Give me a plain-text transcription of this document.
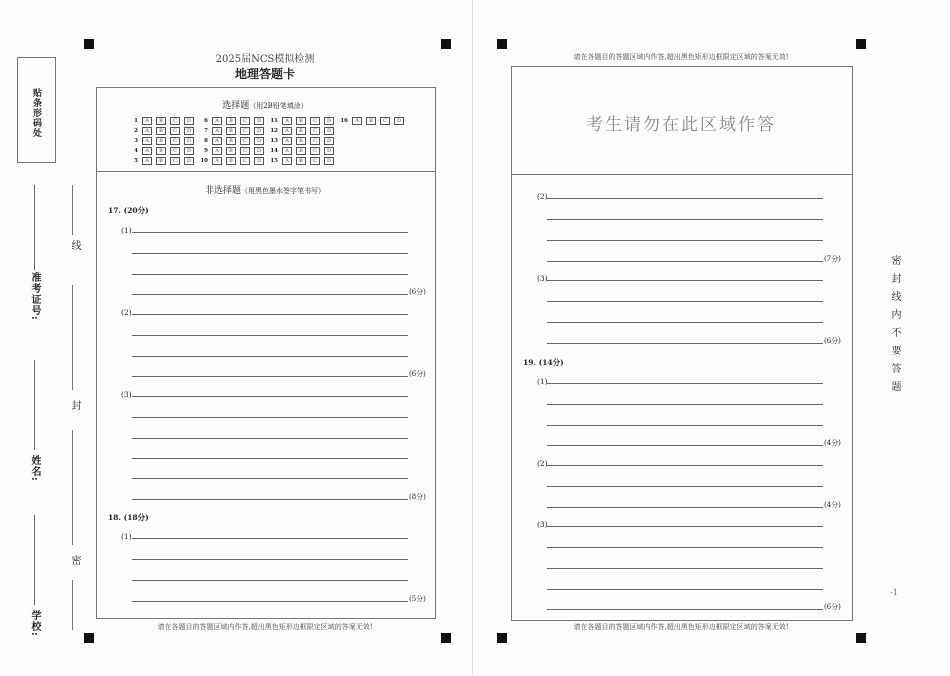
贴条形码处
准考证号:
姓名:
学校:
线
封
密
2025届NCS模拟检测
地理答题卡
选择题（用2B铅笔填涂）
1	A	B	C	D
2	A	B	C	D
3	A	B	C	D
4	A	B	C	D
5	A	B	C	D
6	A	B	C	D
7	A	B	C	D
8	A	B	C	D
9	A	B	C	D
10	A	B	C	D
11	A	B	C	D
12	A	B	C	D
13	A	B	C	D
14	A	B	C	D
15	A	B	C	D
16	A	B	C	D
非选择题（用黑色墨水签字笔书写）
17. (20分)
(1)
(6分)
(2)
(6分)
(3)
(8分)
18. (18分)
(1)
(5分)
请在各题目的答题区域内作答,超出黑色矩形边框限定区域的答案无效!
请在各题目的答题区域内作答,超出黑色矩形边框限定区域的答案无效!
考生请勿在此区域作答
(2)
(7分)
(3)
(6分)
19. (14分)
(1)
(4分)
(2)
(4分)
(3)
(6分)
请在各题目的答题区域内作答,超出黑色矩形边框限定区域的答案无效!
密封线内不要答题
-1
